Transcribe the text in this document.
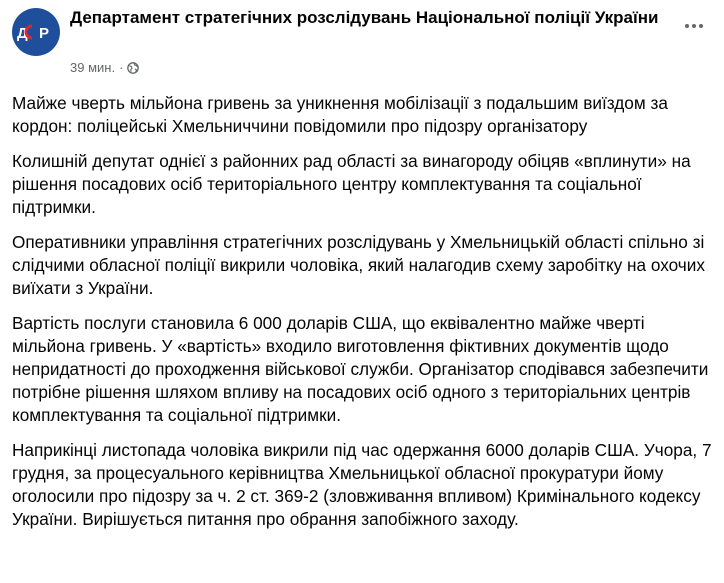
Д Р
Департамент стратегічних розслідувань Національної поліції України
39 мин. ·

Майже чверть мільйона гривень за уникнення мобілізації з подальшим виїздом за кордон: поліцейські Хмельниччини повідомили про підозру організатору

Колишній депутат однієї з районних рад області за винагороду обіцяв «вплинути» на рішення посадових осіб територіального центру комплектування та соціальної підтримки.

Оперативники управління стратегічних розслідувань у Хмельницькій області спільно зі слідчими обласної поліції викрили чоловіка, який налагодив схему заробітку на охочих виїхати з України.

Вартість послуги становила 6 000 доларів США, що еквівалентно майже чверті мільйона гривень. У «вартість» входило виготовлення фіктивних документів щодо непридатності до проходження військової служби. Організатор сподівався забезпечити потрібне рішення шляхом впливу на посадових осіб одного з територіальних центрів комплектування та соціальної підтримки.

Наприкінці листопада чоловіка викрили під час одержання 6000 доларів США. Учора, 7 грудня, за процесуального керівництва Хмельницької обласної прокуратури йому оголосили про підозру за ч. 2 ст. 369-2 (зловживання впливом) Кримінального кодексу України. Вирішується питання про обрання запобіжного заходу.
